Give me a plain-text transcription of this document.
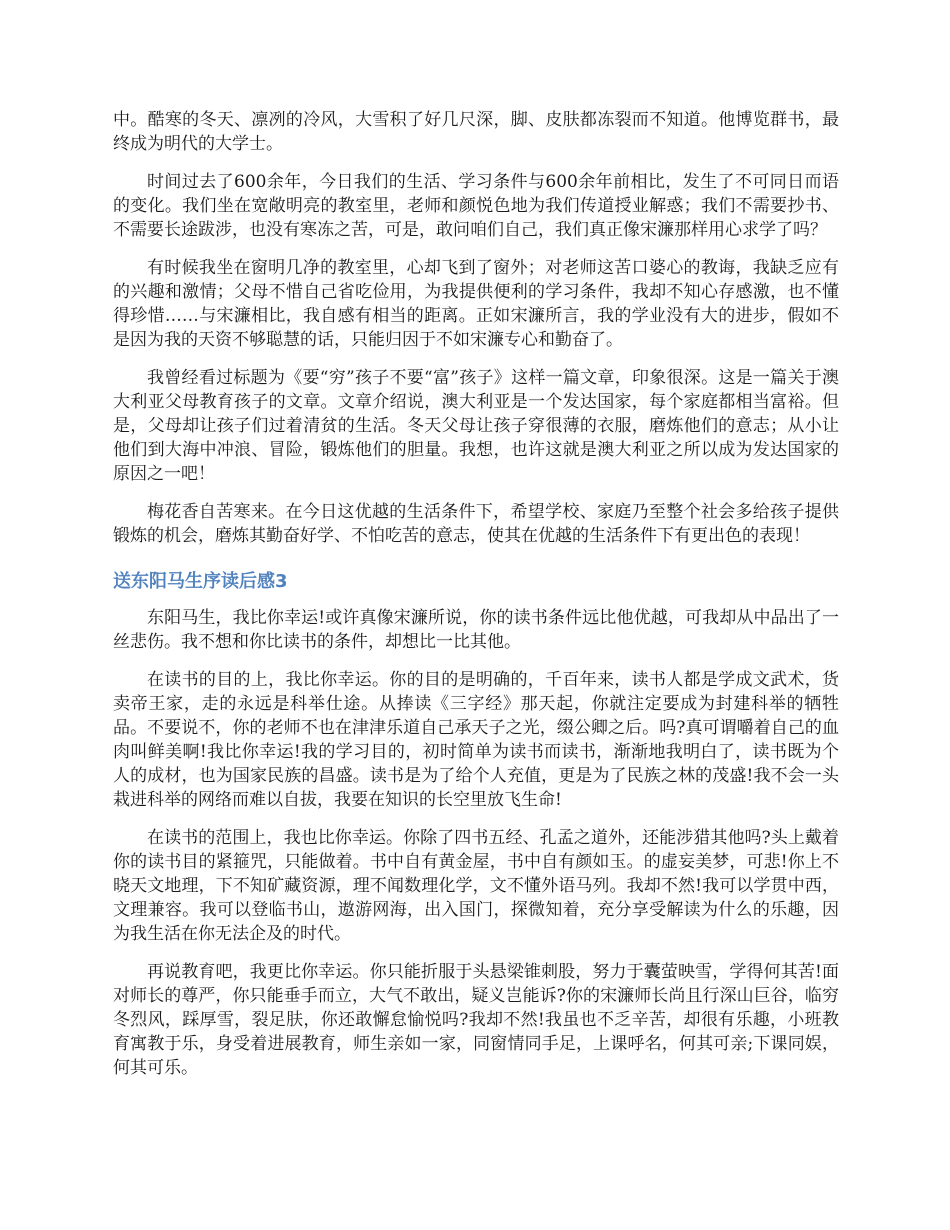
中。酷寒的冬天、凛冽的冷风，大雪积了好几尺深，脚、皮肤都冻裂而不知道。他博览群书，最终成为明代的大学士。

时间过去了600余年，今日我们的生活、学习条件与600余年前相比，发生了不可同日而语的变化。我们坐在宽敞明亮的教室里，老师和颜悦色地为我们传道授业解惑；我们不需要抄书、不需要长途跋涉，也没有寒冻之苦，可是，敢问咱们自己，我们真正像宋濂那样用心求学了吗？

有时候我坐在窗明几净的教室里，心却飞到了窗外；对老师这苦口婆心的教诲，我缺乏应有的兴趣和激情；父母不惜自己省吃俭用，为我提供便利的学习条件，我却不知心存感激，也不懂得珍惜……与宋濂相比，我自感有相当的距离。正如宋濂所言，我的学业没有大的进步，假如不是因为我的天资不够聪慧的话，只能归因于不如宋濂专心和勤奋了。

我曾经看过标题为《要“穷”孩子不要“富”孩子》这样一篇文章，印象很深。这是一篇关于澳大利亚父母教育孩子的文章。文章介绍说，澳大利亚是一个发达国家，每个家庭都相当富裕。但是，父母却让孩子们过着清贫的生活。冬天父母让孩子穿很薄的衣服，磨炼他们的意志；从小让他们到大海中冲浪、冒险，锻炼他们的胆量。我想，也许这就是澳大利亚之所以成为发达国家的原因之一吧！

梅花香自苦寒来。在今日这优越的生活条件下，希望学校、家庭乃至整个社会多给孩子提供锻炼的机会，磨炼其勤奋好学、不怕吃苦的意志，使其在优越的生活条件下有更出色的表现！

送东阳马生序读后感3

东阳马生，我比你幸运!或许真像宋濂所说，你的读书条件远比他优越，可我却从中品出了一丝悲伤。我不想和你比读书的条件，却想比一比其他。

在读书的目的上，我比你幸运。你的目的是明确的，千百年来，读书人都是学成文武术，货卖帝王家，走的永远是科举仕途。从捧读《三字经》那天起，你就注定要成为封建科举的牺牲品。不要说不，你的老师不也在津津乐道自己承天子之光，缀公卿之后。吗?真可谓嚼着自己的血肉叫鲜美啊!我比你幸运!我的学习目的，初时简单为读书而读书，渐渐地我明白了，读书既为个人的成材，也为国家民族的昌盛。读书是为了给个人充值，更是为了民族之林的茂盛!我不会一头栽进科举的网络而难以自拔，我要在知识的长空里放飞生命!

在读书的范围上，我也比你幸运。你除了四书五经、孔孟之道外，还能涉猎其他吗?头上戴着你的读书目的紧箍咒，只能做着。书中自有黄金屋，书中自有颜如玉。的虚妄美梦，可悲!你上不晓天文地理，下不知矿藏资源，理不闻数理化学，文不懂外语马列。我却不然!我可以学贯中西，文理兼容。我可以登临书山，遨游网海，出入国门，探微知着，充分享受解读为什么的乐趣，因为我生活在你无法企及的时代。

再说教育吧，我更比你幸运。你只能折服于头悬梁锥刺股，努力于囊萤映雪，学得何其苦!面对师长的尊严，你只能垂手而立，大气不敢出，疑义岂能诉?你的宋濂师长尚且行深山巨谷，临穷冬烈风，踩厚雪，裂足肤，你还敢懈怠愉悦吗?我却不然!我虽也不乏辛苦，却很有乐趣，小班教育寓教于乐，身受着进展教育，师生亲如一家，同窗情同手足，上课呼名，何其可亲;下课同娱，何其可乐。
